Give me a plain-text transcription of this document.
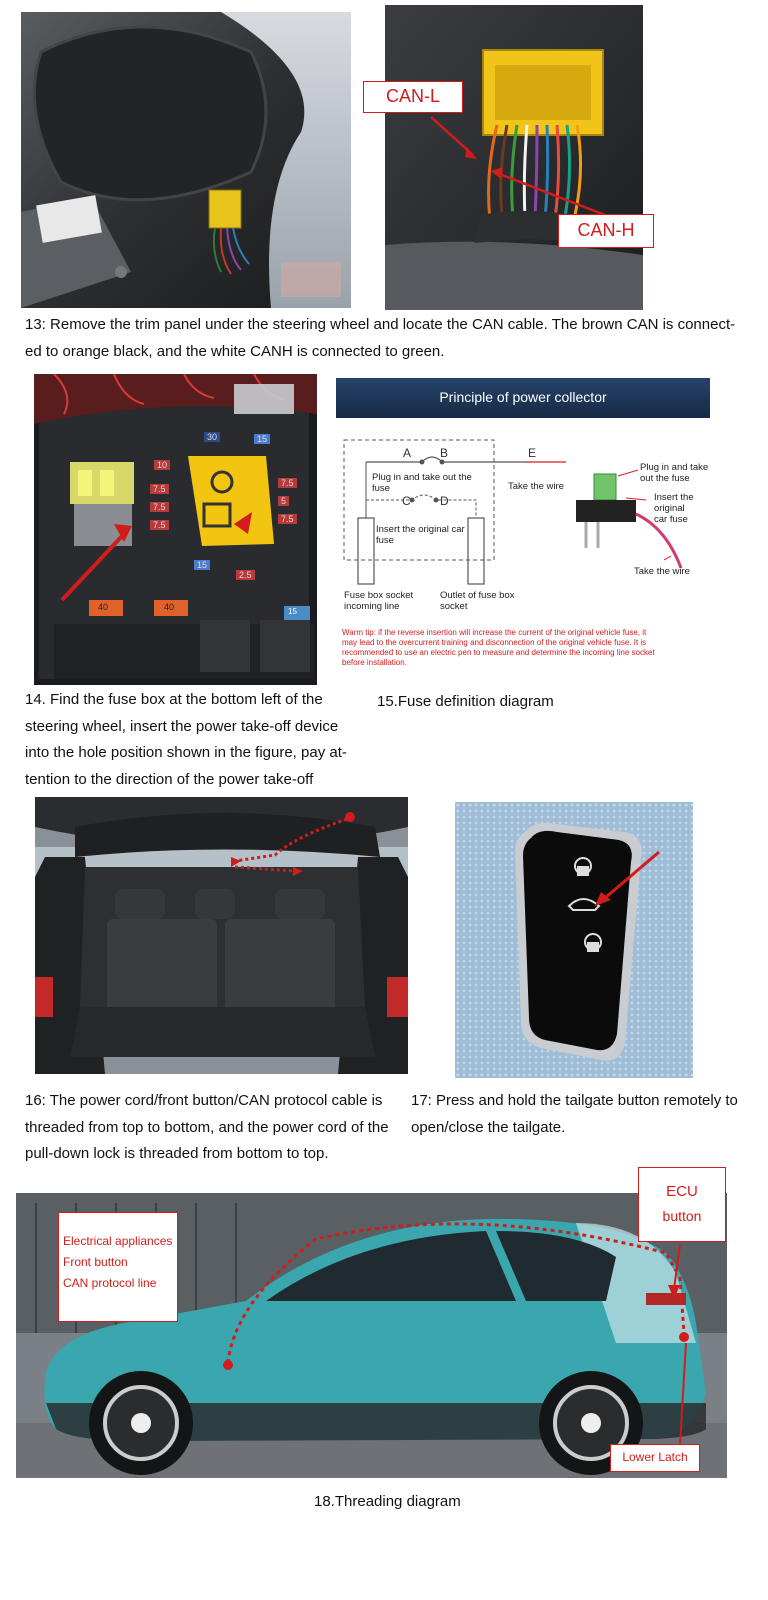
CAN-L
CAN-H
13: Remove the trim panel under the steering wheel and locate the CAN cable. The brown CAN is connect-
ed to orange black, and the white CANH is connected to green.
30	15
10
7.5
7.5
7.5
15
7.5
5
7.5
2.5
40	40	15
14. Find the fuse box at the bottom left of the
steering wheel, insert the power take-off device
into the hole position shown in the figure, pay at-
tention to the direction of the power take-off
Principle of power collector
A B
C D
E
Plug in and take out the
fuse
Insert the original car
fuse
Take the wire
Fuse box socket
incoming line
Outlet of fuse box
socket
Plug in and take
out the fuse
Insert the original
car fuse
Take the wire
Warm tip: if the reverse insertion will increase the current of the original vehicle fuse, it
may lead to the overcurrent training and disconnection of the original vehicle fuse. It is
recommended to use an electric pen to measure and determine the incoming line socket
before installation.
15.Fuse definition diagram
16: The power cord/front button/CAN protocol cable is
threaded from top to bottom, and the power cord of the
pull-down lock is threaded from bottom to top.
17: Press and hold the tailgate button remotely to
open/close the tailgate.
Electrical appliances
Front button
CAN protocol line
ECU
button
Lower Latch
18.Threading diagram
